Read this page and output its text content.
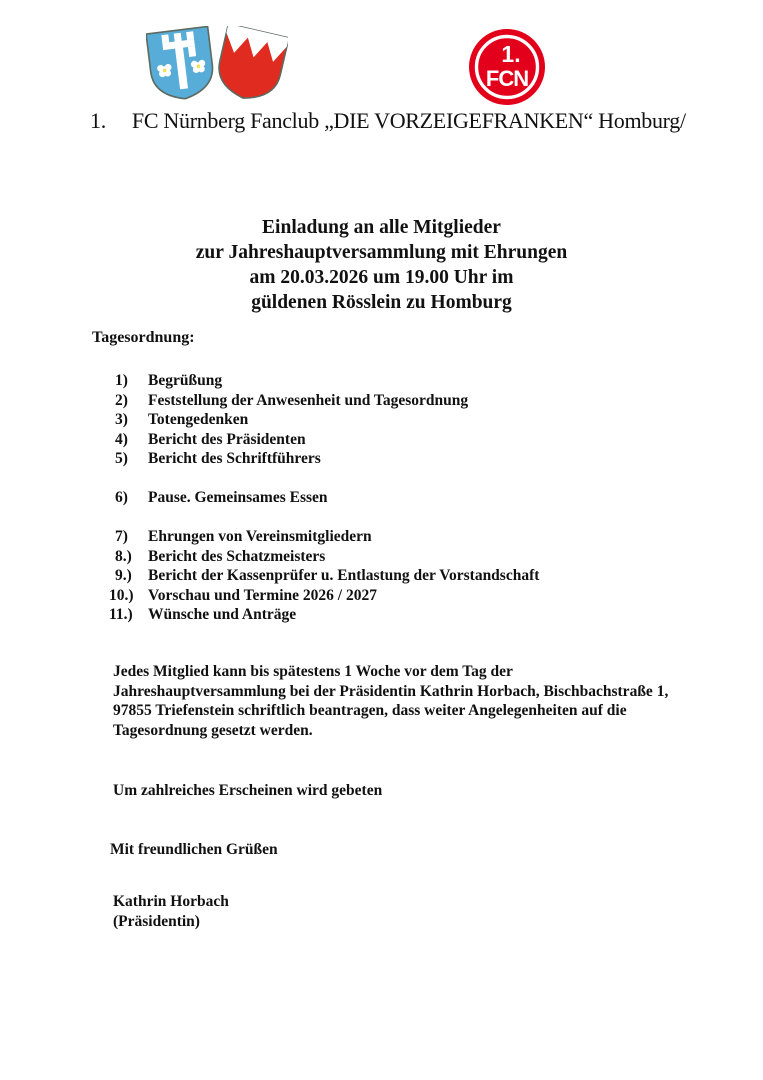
1.
FCN
1.     FC Nürnberg Fanclub „DIE VORZEIGEFRANKEN“ Homburg/
Einladung an alle Mitglieder
zur Jahreshauptversammlung mit Ehrungen
am 20.03.2026 um 19.00 Uhr im
güldenen Rösslein zu Homburg
Tagesordnung:
1)	Begrüßung
2)	Feststellung der Anwesenheit und Tagesordnung
3)	Totengedenken
4)	Bericht des Präsidenten
5)	Bericht des Schriftführers
6)	Pause. Gemeinsames Essen
7)	Ehrungen von Vereinsmitgliedern
8.)	Bericht des Schatzmeisters
9.)	Bericht der Kassenprüfer u. Entlastung der Vorstandschaft
10.) Vorschau und Termine 2026 / 2027
11.) Wünsche und Anträge
Jedes Mitglied kann bis spätestens 1 Woche vor dem Tag der
Jahreshauptversammlung bei der Präsidentin Kathrin Horbach, Bischbachstraße 1,
97855 Triefenstein schriftlich beantragen, dass weiter Angelegenheiten auf die
Tagesordnung gesetzt werden.
Um zahlreiches Erscheinen wird gebeten
Mit freundlichen Grüßen
Kathrin Horbach
(Präsidentin)
